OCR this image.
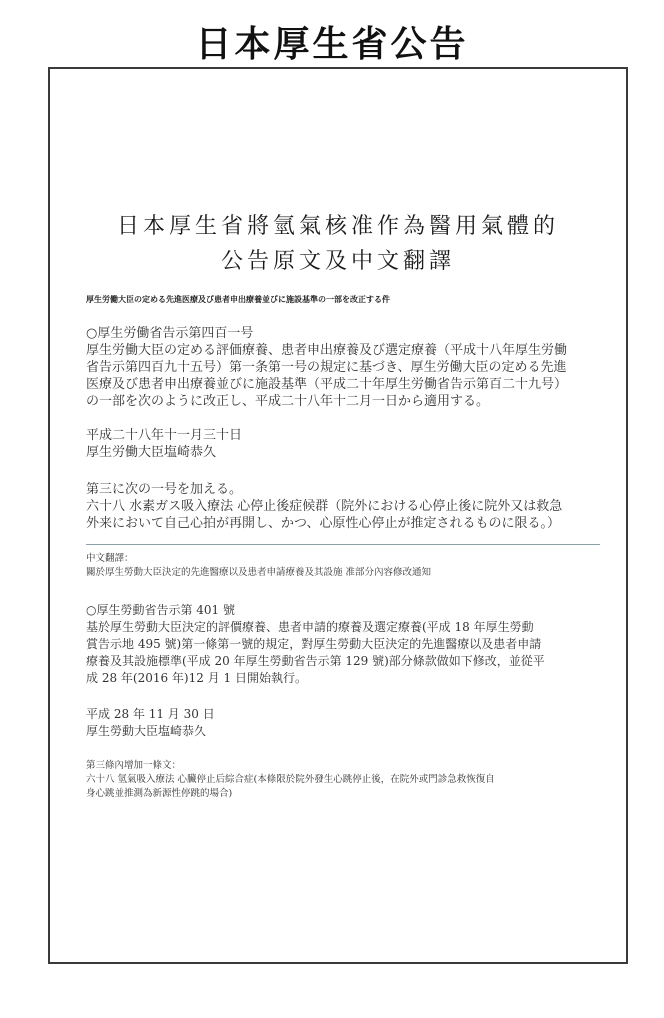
日本厚生省公告
日本厚生省將氫氣核准作為醫用氣體的
公告原文及中文翻譯
厚生労働大臣の定める先進医療及び患者申出療養並びに施設基準の一部を改正する件
○厚生労働省告示第四百一号
厚生労働大臣の定める評価療養、患者申出療養及び選定療養（平成十八年厚生労働
省告示第四百九十五号）第一条第一号の規定に基づき、厚生労働大臣の定める先進
医療及び患者申出療養並びに施設基準（平成二十年厚生労働省告示第百二十九号）
の一部を次のように改正し、平成二十八年十二月一日から適用する。
平成二十八年十一月三十日
厚生労働大臣塩崎恭久
第三に次の一号を加える。
六十八 水素ガス吸入療法 心停止後症候群（院外における心停止後に院外又は救急
外来において自己心拍が再開し、かつ、心原性心停止が推定されるものに限る。）
中文翻譯：
關於厚生勞動大臣決定的先進醫療以及患者申請療養及其設施 准部分內容修改通知
○厚生勞動省告示第 401 號
基於厚生勞動大臣決定的評價療養、患者申請的療養及選定療養(平成 18 年厚生勞動
賞告示地 495 號)第一條第一號的規定，對厚生勞動大臣決定的先進醫療以及患者申請
療養及其設施標準(平成 20 年厚生勞動省告示第 129 號)部分條款做如下修改，並從平
成 28 年(2016 年)12 月 1 日開始執行。
平成 28 年 11 月 30 日
厚生勞動大臣塩崎恭久
第三條內增加一條文：
六十八 氫氣吸入療法 心臟停止后綜合症(本條限於院外發生心跳停止後，在院外或門診急救恢復自
身心跳並推測為新源性停跳的場合)
